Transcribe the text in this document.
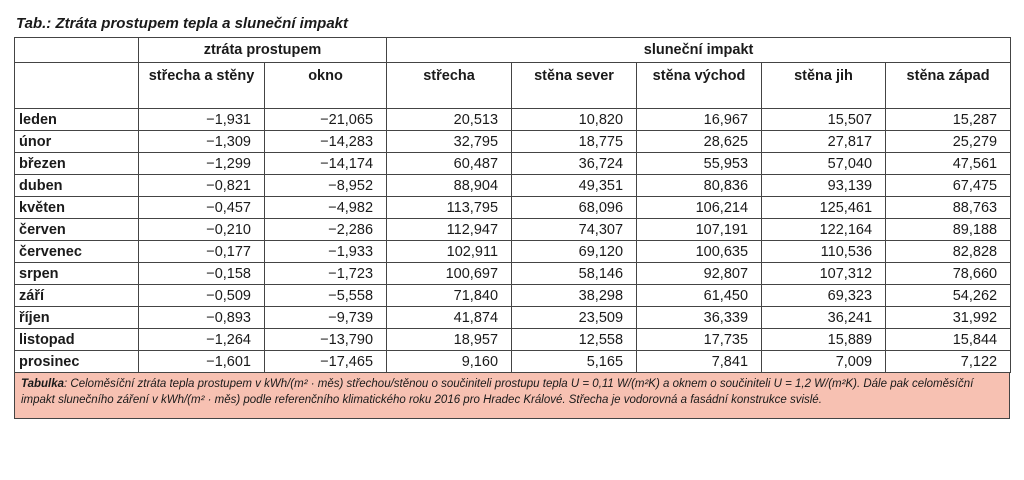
Tab.: Ztráta prostupem tepla a sluneční impakt
	ztráta prostupem		sluneční impakt				
	střecha a stěny	okno	střecha	stěna sever	stěna východ	stěna jih	stěna západ
leden	−1,931	−21,065	20,513	10,820	16,967	15,507	15,287
únor	−1,309	−14,283	32,795	18,775	28,625	27,817	25,279
březen	−1,299	−14,174	60,487	36,724	55,953	57,040	47,561
duben	−0,821	−8,952	88,904	49,351	80,836	93,139	67,475
květen	−0,457	−4,982	113,795	68,096	106,214	125,461	88,763
červen	−0,210	−2,286	112,947	74,307	107,191	122,164	89,188
červenec	−0,177	−1,933	102,911	69,120	100,635	110,536	82,828
srpen	−0,158	−1,723	100,697	58,146	92,807	107,312	78,660
září	−0,509	−5,558	71,840	38,298	61,450	69,323	54,262
říjen	−0,893	−9,739	41,874	23,509	36,339	36,241	31,992
listopad	−1,264	−13,790	18,957	12,558	17,735	15,889	15,844
prosinec	−1,601	−17,465	9,160	5,165	7,841	7,009	7,122
Tabulka: Celoměsíční ztráta tepla prostupem v kWh/(m² · měs) střechou/stěnou o součiniteli prostupu tepla U = 0,11 W/(m²K) a oknem o součiniteli U = 1,2 W/(m²K). Dále pak celoměsíční impakt slunečního záření v kWh/(m² · měs) podle referenčního klimatického roku 2016 pro Hradec Králové. Střecha je vodorovná a fasádní konstrukce svislé.
